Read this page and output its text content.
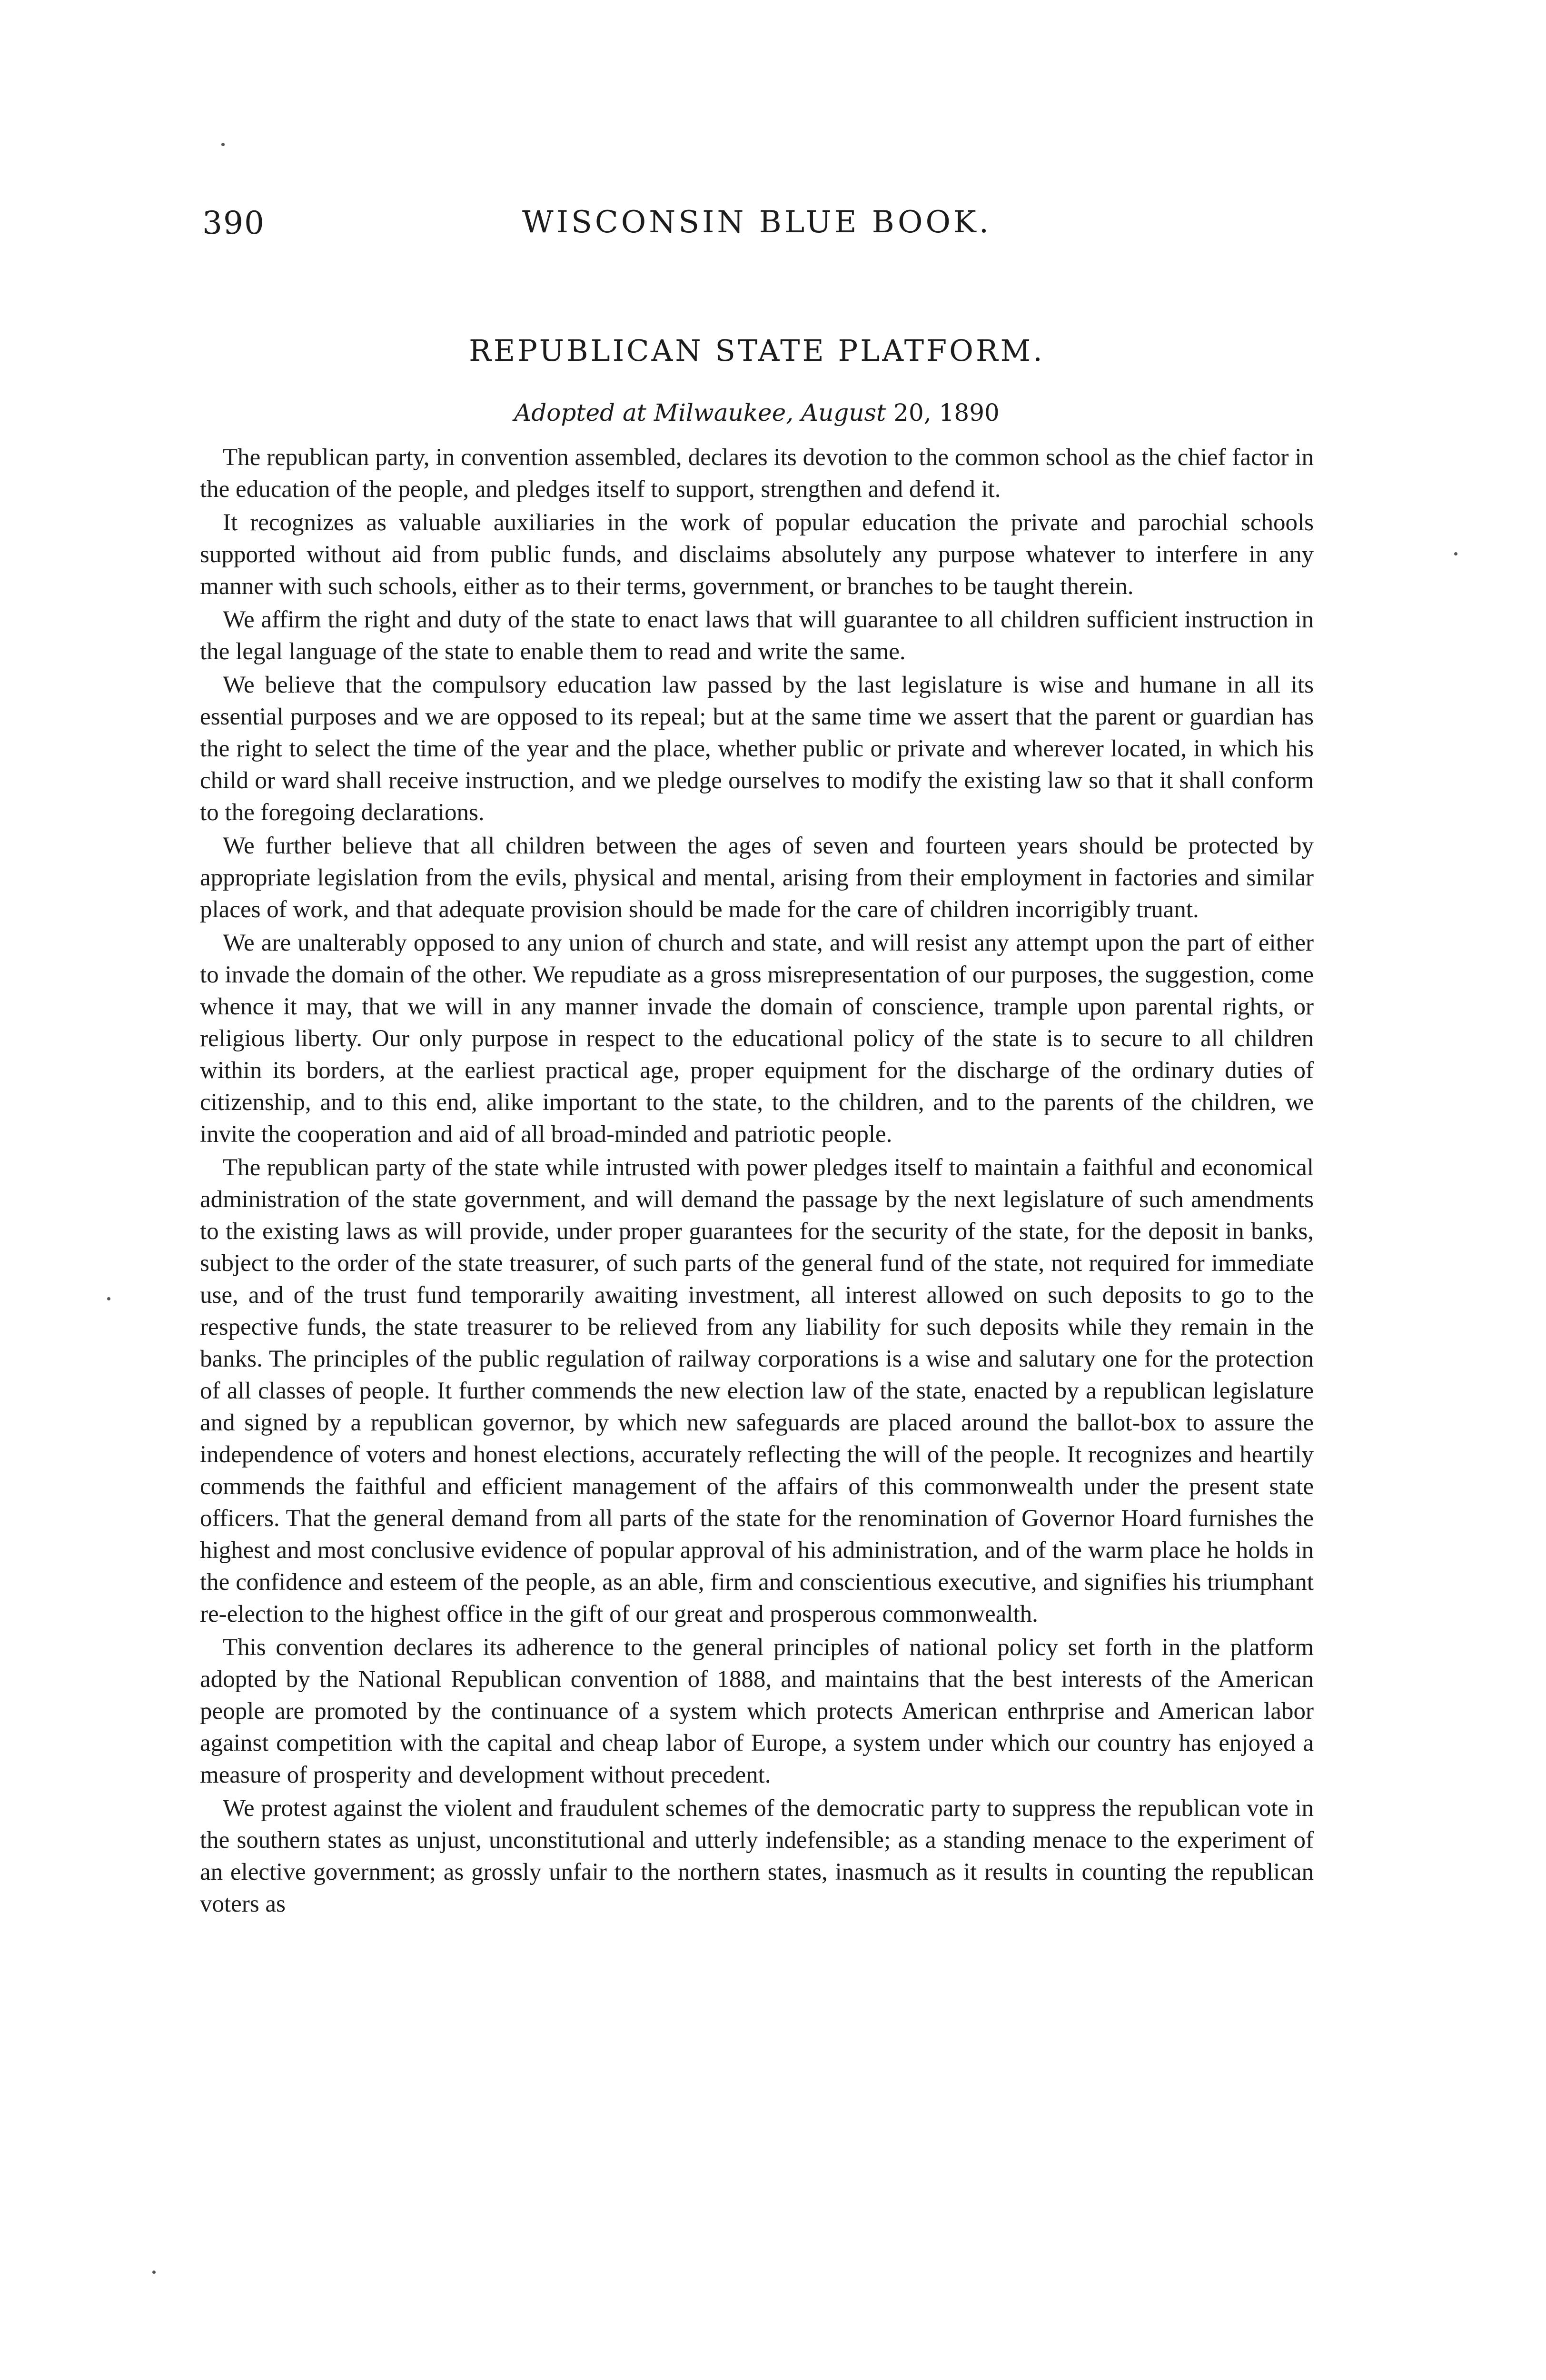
390	WISCONSIN BLUE BOOK.
REPUBLICAN STATE PLATFORM.
Adopted at Milwaukee, August 20, 1890

The republican party, in convention assembled, declares its devotion to the common school as the chief factor in the education of the people, and pledges itself to support, strengthen and defend it.

It recognizes as valuable auxiliaries in the work of popular education the private and parochial schools supported without aid from public funds, and disclaims absolutely any purpose whatever to interfere in any manner with such schools, either as to their terms, government, or branches to be taught therein.

We affirm the right and duty of the state to enact laws that will guarantee to all children sufficient instruction in the legal language of the state to enable them to read and write the same.

We believe that the compulsory education law passed by the last legislature is wise and humane in all its essential purposes and we are opposed to its repeal; but at the same time we assert that the parent or guardian has the right to select the time of the year and the place, whether public or private and wherever located, in which his child or ward shall receive instruction, and we pledge ourselves to modify the existing law so that it shall conform to the foregoing declarations.

We further believe that all children between the ages of seven and fourteen years should be protected by appropriate legislation from the evils, physical and mental, arising from their employment in factories and similar places of work, and that adequate provision should be made for the care of children incorrigibly truant.

We are unalterably opposed to any union of church and state, and will resist any attempt upon the part of either to invade the domain of the other. We repudiate as a gross misrepresentation of our purposes, the suggestion, come whence it may, that we will in any manner invade the domain of conscience, trample upon parental rights, or religious liberty. Our only purpose in respect to the educational policy of the state is to secure to all children within its borders, at the earliest practical age, proper equipment for the discharge of the ordinary duties of citizenship, and to this end, alike important to the state, to the children, and to the parents of the children, we invite the cooperation and aid of all broad-minded and patriotic people.

The republican party of the state while intrusted with power pledges itself to maintain a faithful and economical administration of the state government, and will demand the passage by the next legislature of such amendments to the existing laws as will provide, under proper guarantees for the security of the state, for the deposit in banks, subject to the order of the state treasurer, of such parts of the general fund of the state, not required for immediate use, and of the trust fund temporarily awaiting investment, all interest allowed on such deposits to go to the respective funds, the state treasurer to be relieved from any liability for such deposits while they remain in the banks. The principles of the public regulation of railway corporations is a wise and salutary one for the protection of all classes of people. It further commends the new election law of the state, enacted by a republican legislature and signed by a republican governor, by which new safeguards are placed around the ballot-box to assure the independence of voters and honest elections, accurately reflecting the will of the people. It recognizes and heartily commends the faithful and efficient management of the affairs of this commonwealth under the present state officers. That the general demand from all parts of the state for the renomination of Governor Hoard furnishes the highest and most conclusive evidence of popular approval of his administration, and of the warm place he holds in the confidence and esteem of the people, as an able, firm and conscientious executive, and signifies his triumphant re-election to the highest office in the gift of our great and prosperous commonwealth.

This convention declares its adherence to the general principles of national policy set forth in the platform adopted by the National Republican convention of 1888, and maintains that the best interests of the American people are promoted by the continuance of a system which protects American enthrprise and American labor against competition with the capital and cheap labor of Europe, a system under which our country has enjoyed a measure of prosperity and development without precedent.

We protest against the violent and fraudulent schemes of the democratic party to suppress the republican vote in the southern states as unjust, unconstitutional and utterly indefensible; as a standing menace to the experiment of an elective government; as grossly unfair to the northern states, inasmuch as it results in counting the republican voters as
